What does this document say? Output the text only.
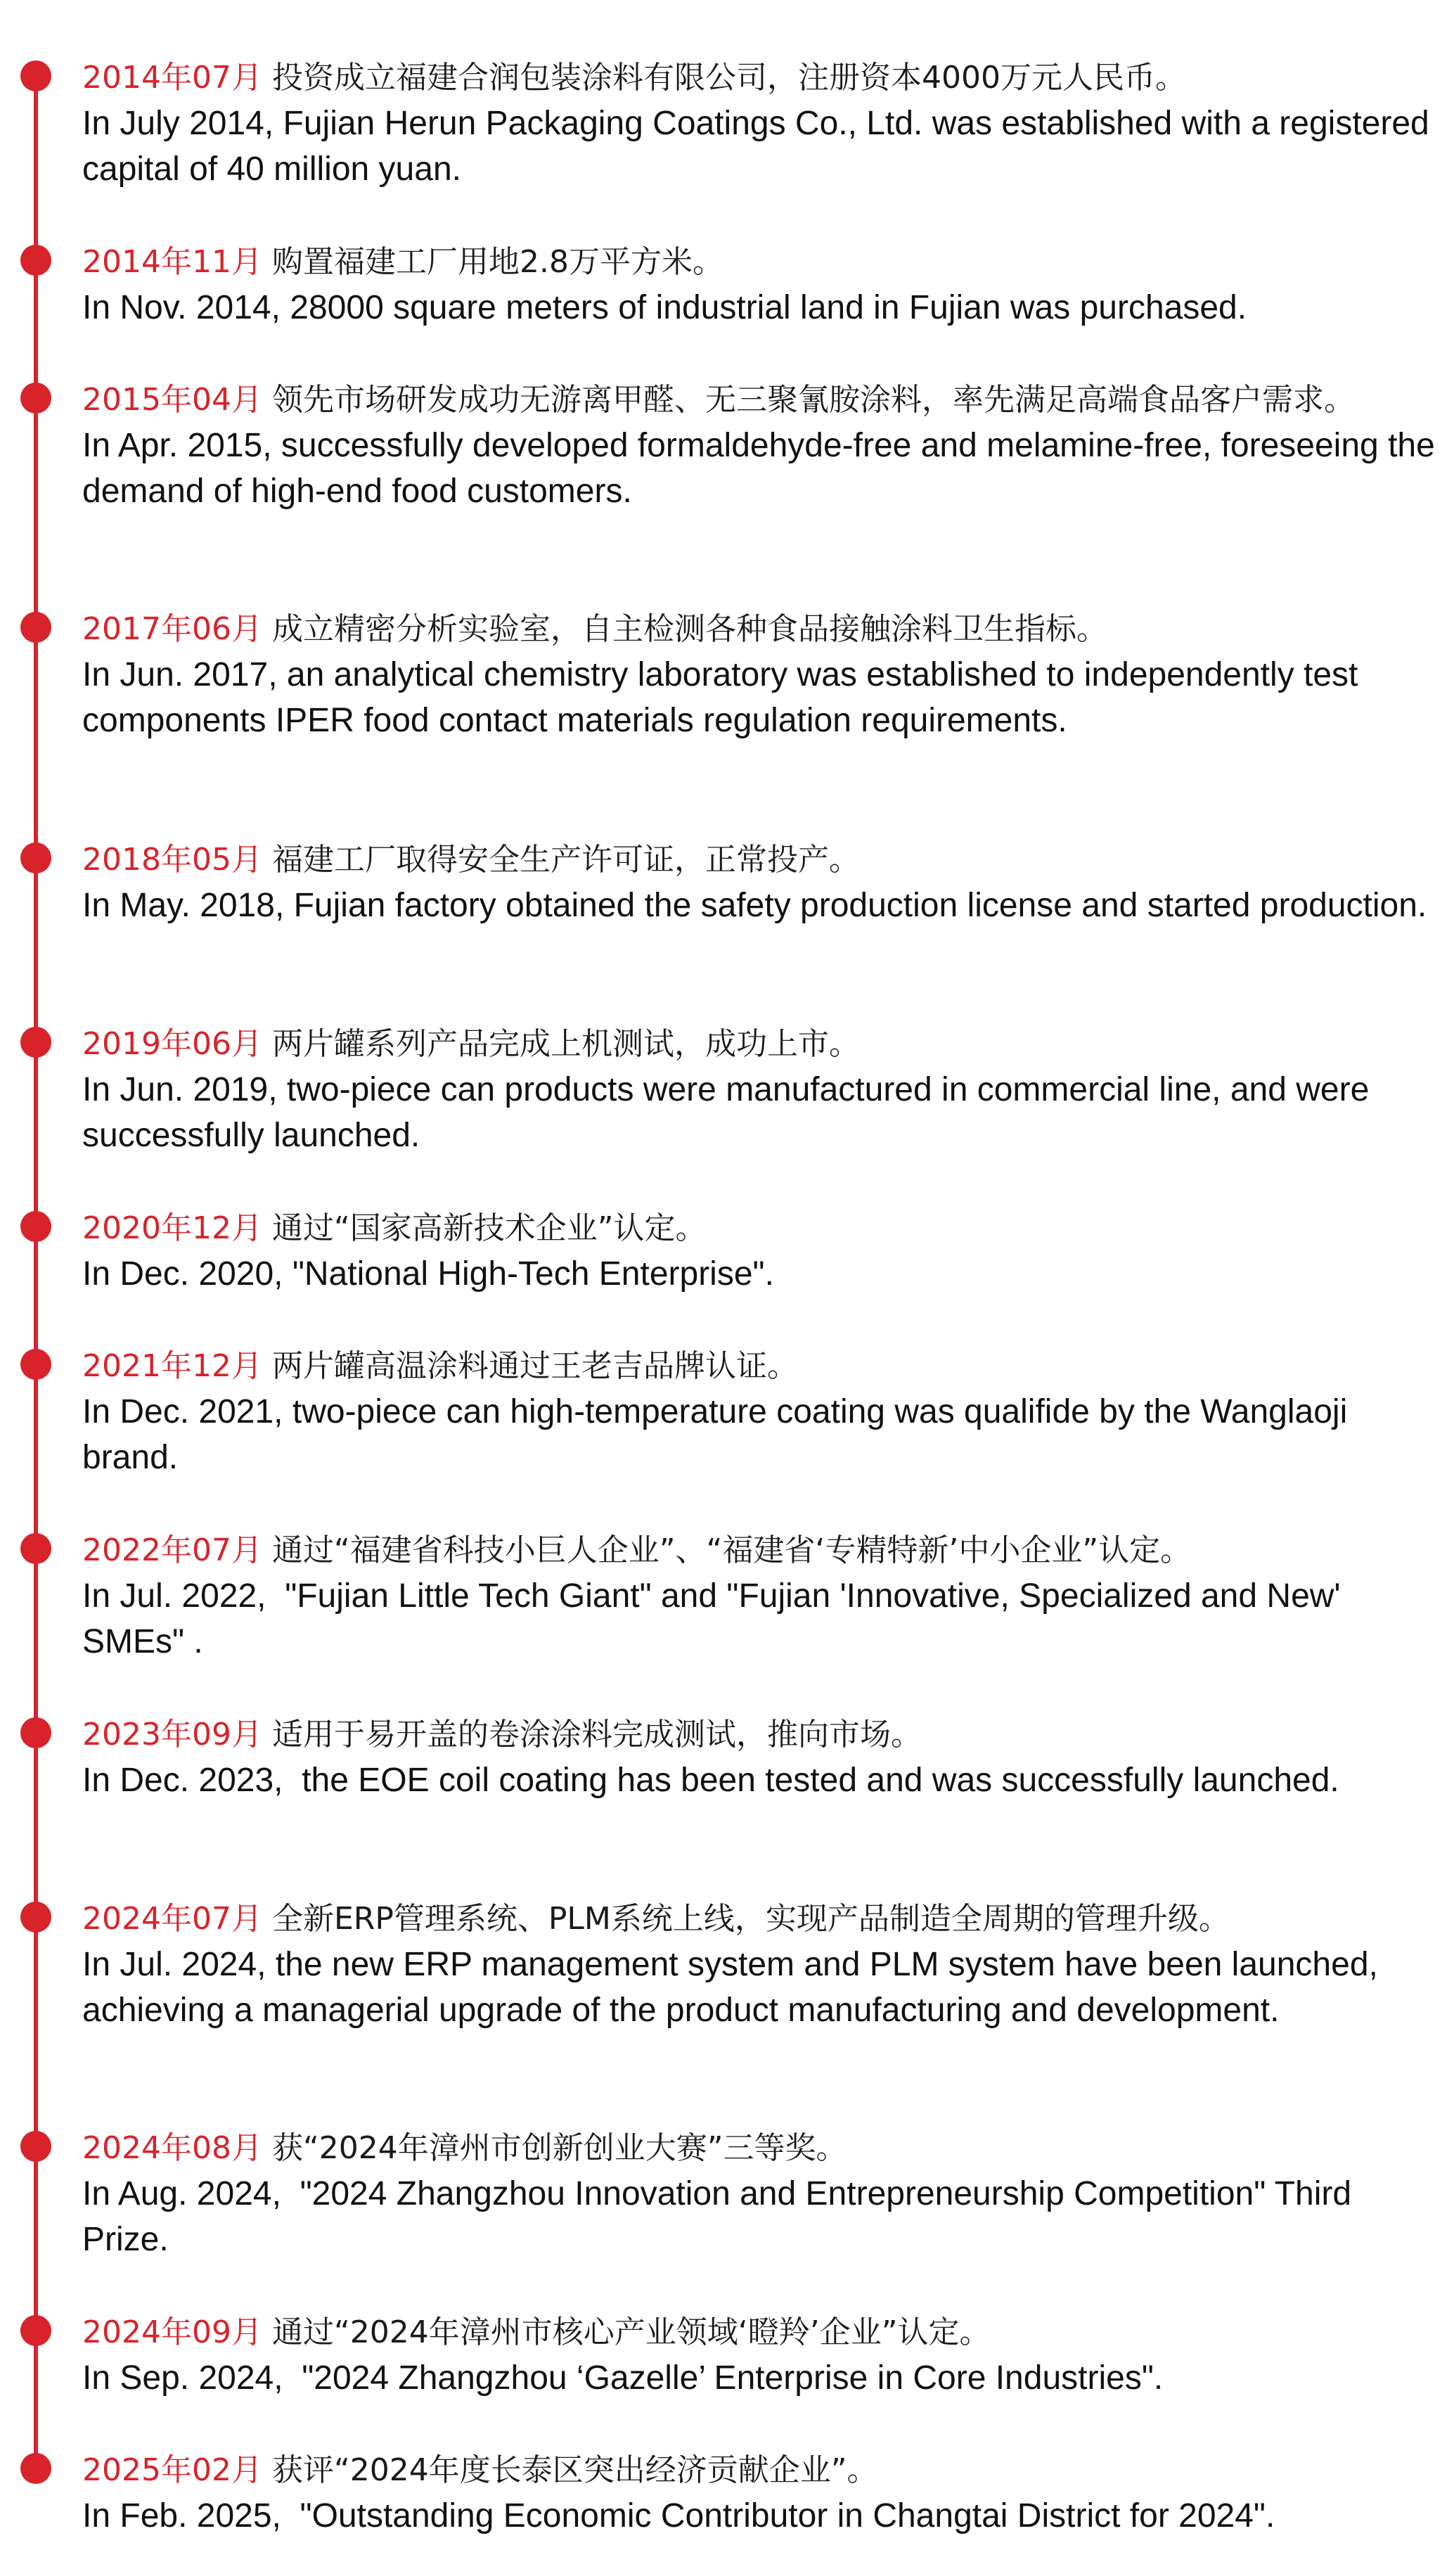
2014年07月 投资成立福建合润包装涂料有限公司，注册资本4000万元人民币。
In July 2014, Fujian Herun Packaging Coatings Co., Ltd. was established with a registered capital of 40 million yuan.
2014年11月 购置福建工厂用地2.8万平方米。
In Nov. 2014, 28000 square meters of industrial land in Fujian was purchased.
2015年04月 领先市场研发成功无游离甲醛、无三聚氰胺涂料，率先满足高端食品客户需求。
In Apr. 2015, successfully developed formaldehyde-free and melamine-free, foreseeing the demand of high-end food customers.
2017年06月 成立精密分析实验室，自主检测各种食品接触涂料卫生指标。
In Jun. 2017, an analytical chemistry laboratory was established to independently test components IPER food contact materials regulation requirements.
2018年05月 福建工厂取得安全生产许可证，正常投产。
In May. 2018, Fujian factory obtained the safety production license and started production.
2019年06月 两片罐系列产品完成上机测试，成功上市。
In Jun. 2019, two-piece can products were manufactured in commercial line, and were successfully launched.
2020年12月 通过“国家高新技术企业”认定。
In Dec. 2020, "National High-Tech Enterprise".
2021年12月 两片罐高温涂料通过王老吉品牌认证。
In Dec. 2021, two-piece can high-temperature coating was qualifide by the Wanglaoji brand.
2022年07月 通过“福建省科技小巨人企业”、“福建省‘专精特新’中小企业”认定。
In Jul. 2022,  "Fujian Little Tech Giant" and "Fujian 'Innovative, Specialized and New' SMEs" .
2023年09月 适用于易开盖的卷涂涂料完成测试，推向市场。
In Dec. 2023,  the EOE coil coating has been tested and was successfully launched.
2024年07月 全新ERP管理系统、PLM系统上线，实现产品制造全周期的管理升级。
In Jul. 2024, the new ERP management system and PLM system have been launched, achieving a managerial upgrade of the product manufacturing and development.
2024年08月 获“2024年漳州市创新创业大赛”三等奖。
In Aug. 2024,  "2024 Zhangzhou Innovation and Entrepreneurship Competition" Third Prize.
2024年09月 通过“2024年漳州市核心产业领域‘瞪羚’企业”认定。
In Sep. 2024,  "2024 Zhangzhou ‘Gazelle’ Enterprise in Core Industries".
2025年02月 获评“2024年度长泰区突出经济贡献企业”。
In Feb. 2025,  "Outstanding Economic Contributor in Changtai District for 2024".
